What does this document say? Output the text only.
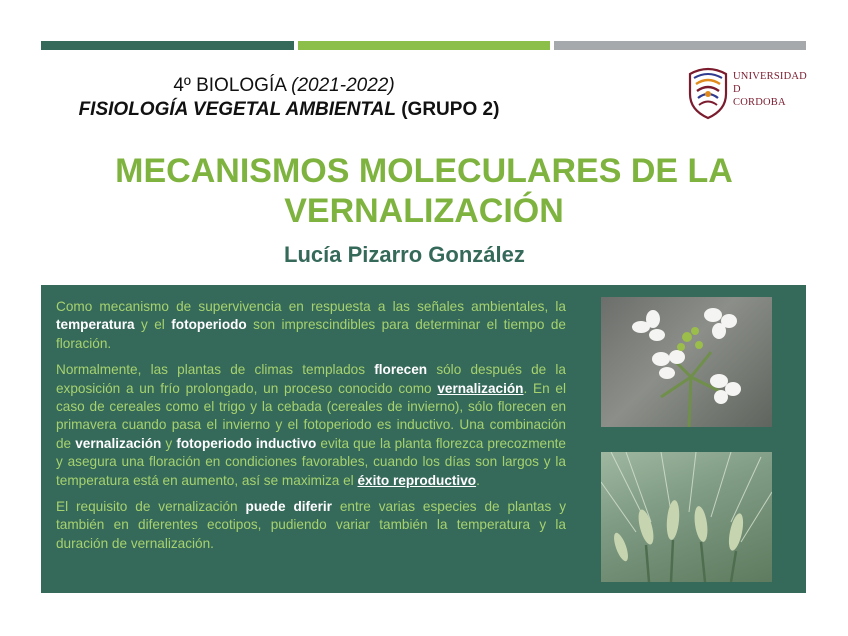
4º BIOLOGÍA (2021-2022)
FISIOLOGÍA VEGETAL AMBIENTAL (GRUPO 2)
UNIVERSIDAD
D
CORDOBA
MECANISMOS MOLECULARES DE LA
VERNALIZACIÓN
Lucía Pizarro González

Como mecanismo de supervivencia en respuesta a las señales ambientales, la temperatura y el fotoperiodo son imprescindibles para determinar el tiempo de floración.

Normalmente, las plantas de climas templados florecen sólo después de la exposición a un frío prolongado, un proceso conocido como vernalización. En el caso de cereales como el trigo y la cebada (cereales de invierno), sólo florecen en primavera cuando pasa el invierno y el fotoperiodo es inductivo. Una combinación de vernalización y fotoperiodo inductivo evita que la planta florezca precozmente y asegura una floración en condiciones favorables, cuando los días son largos y la temperatura está en aumento, así se maximiza el éxito reproductivo.

El requisito de vernalización puede diferir entre varias especies de plantas y también en diferentes ecotipos, pudiendo variar también la temperatura y la duración de vernalización.
